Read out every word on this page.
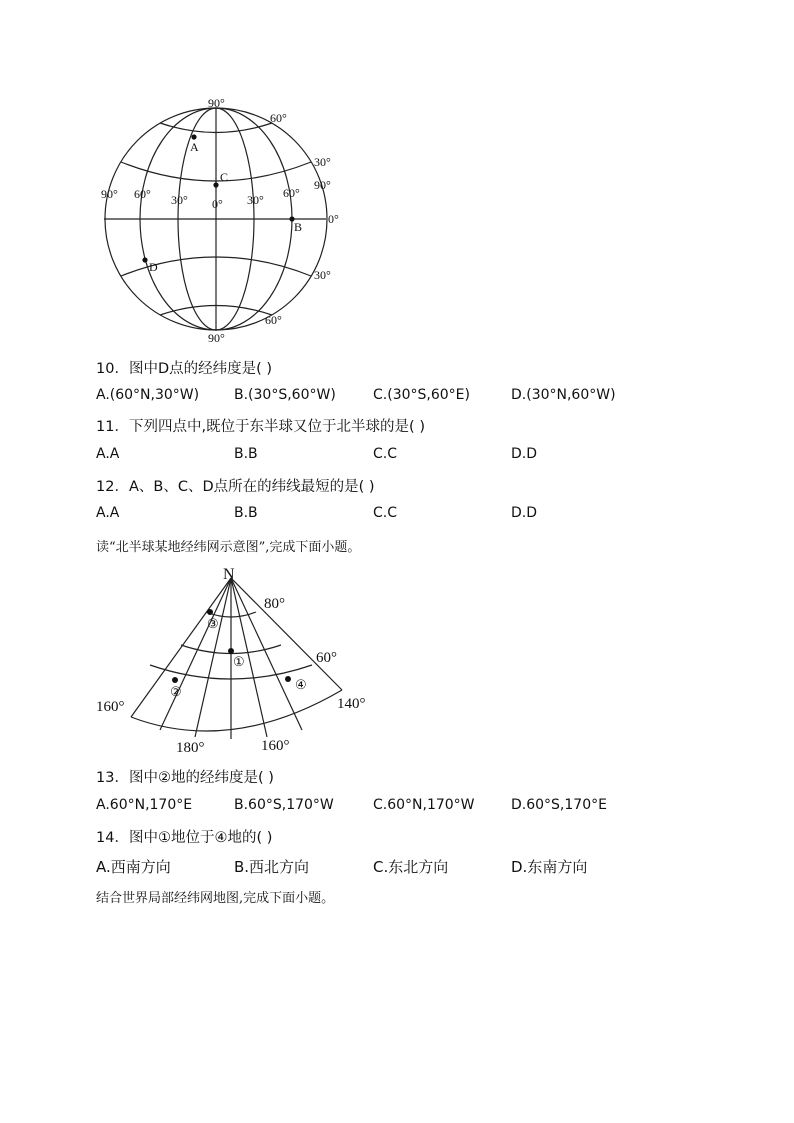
90°
60°
30°
90°
0°
30°
60°
90°
90° 60° 30° 0° 30° 60°
A
C
B
D
10．图中D点的经纬度是( )
A.(60°N,30°W) B.(30°S,60°W)	C.(30°S,60°E)	D.(30°N,60°W)
11．下列四点中,既位于东半球又位于北半球的是( )
A.A	B.B	C.C	D.D
12．A、B、C、D点所在的纬线最短的是( )
A.A	B.B	C.C	D.D
读“北半球某地经纬网示意图”,完成下面小题。
N
80°
60°
160°	140°
180°	160°
③
①
②	④
13．图中②地的经纬度是( )
A.60°N,170°E	B.60°S,170°W	C.60°N,170°W	D.60°S,170°E
14．图中①地位于④地的( )
A.西南方向	B.西北方向	C.东北方向	D.东南方向
结合世界局部经纬网地图,完成下面小题。
